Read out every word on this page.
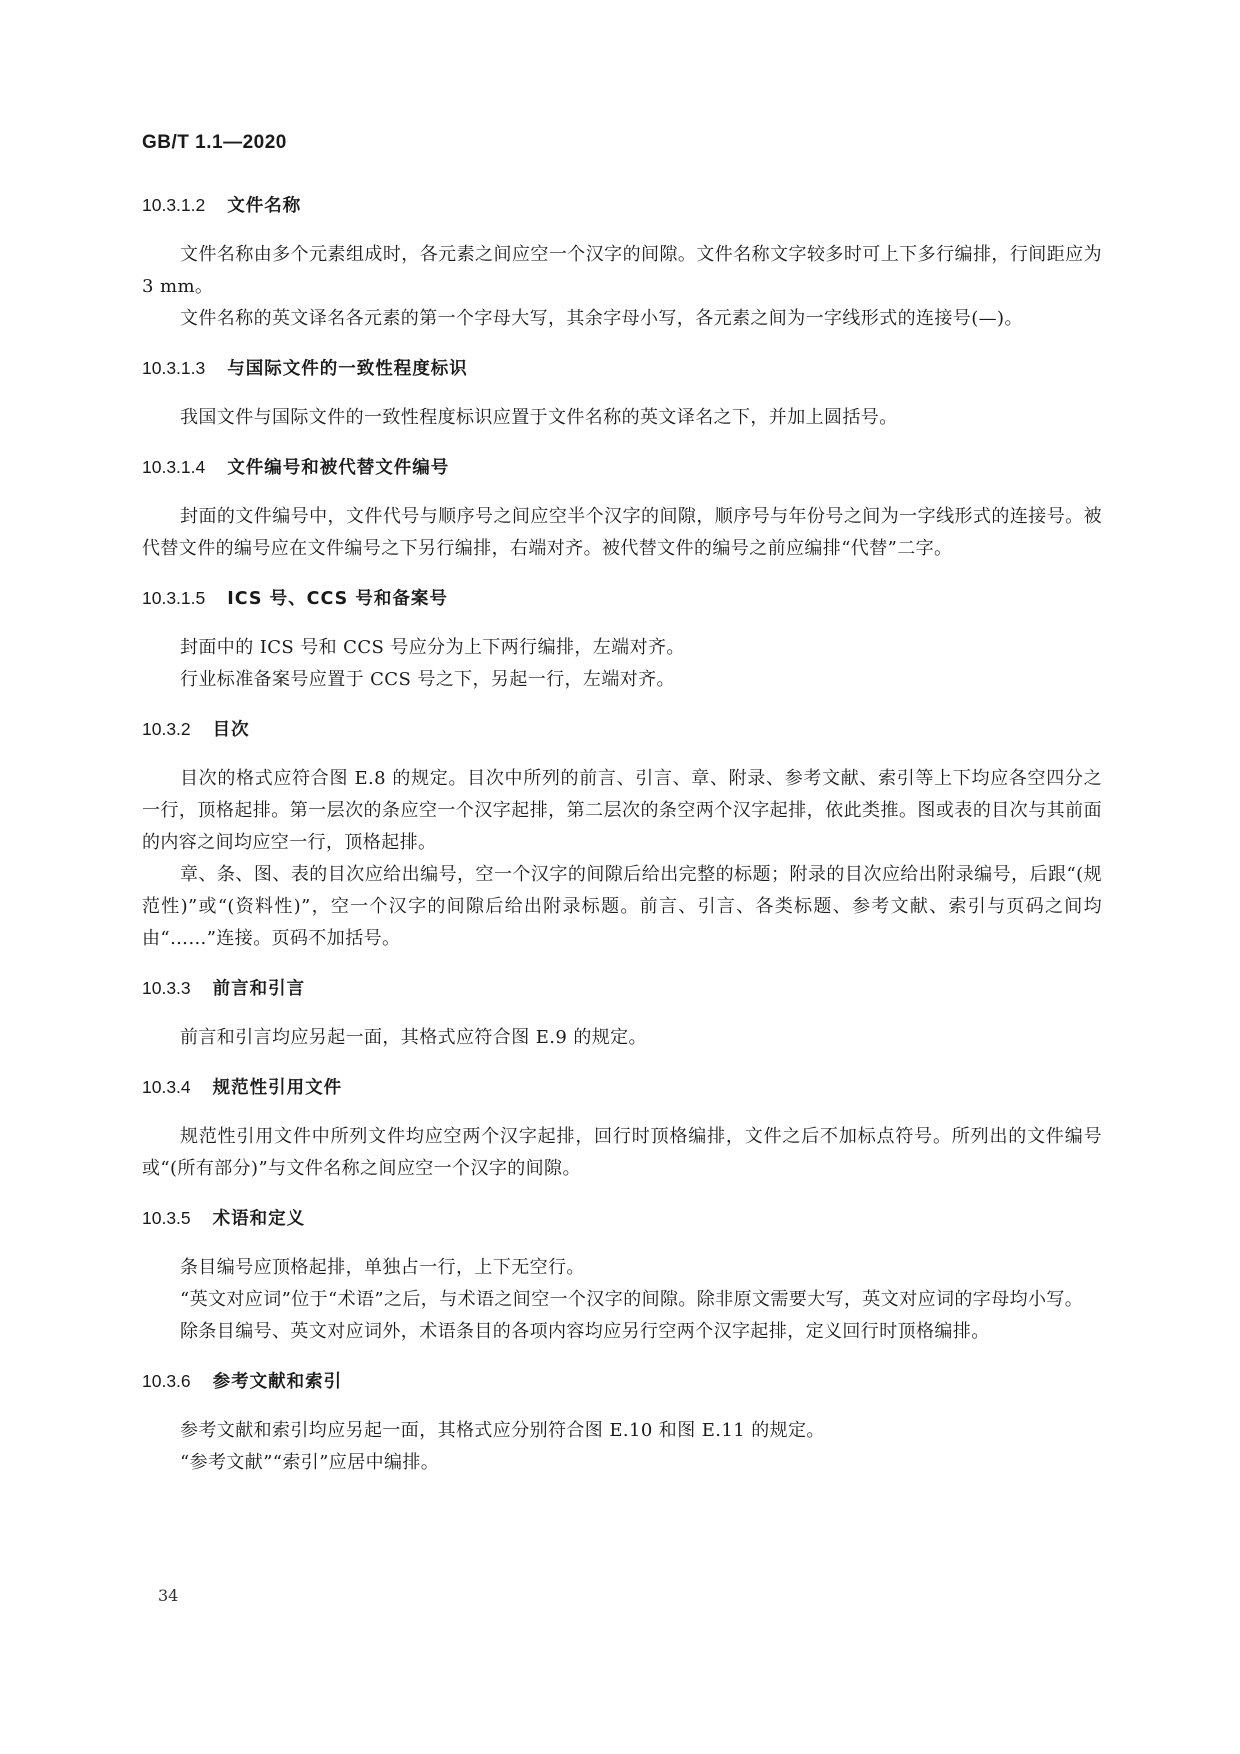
GB/T 1.1—2020
10.3.1.2 文件名称

文件名称由多个元素组成时，各元素之间应空一个汉字的间隙。文件名称文字较多时可上下多行编排，行间距应为 3 mm。

文件名称的英文译名各元素的第一个字母大写，其余字母小写，各元素之间为一字线形式的连接号(—)。

10.3.1.3 与国际文件的一致性程度标识

我国文件与国际文件的一致性程度标识应置于文件名称的英文译名之下，并加上圆括号。

10.3.1.4 文件编号和被代替文件编号

封面的文件编号中，文件代号与顺序号之间应空半个汉字的间隙，顺序号与年份号之间为一字线形式的连接号。被代替文件的编号应在文件编号之下另行编排，右端对齐。被代替文件的编号之前应编排“代替”二字。

10.3.1.5 ICS 号、CCS 号和备案号

封面中的 ICS 号和 CCS 号应分为上下两行编排，左端对齐。

行业标准备案号应置于 CCS 号之下，另起一行，左端对齐。

10.3.2 目次

目次的格式应符合图 E.8 的规定。目次中所列的前言、引言、章、附录、参考文献、索引等上下均应各空四分之一行，顶格起排。第一层次的条应空一个汉字起排，第二层次的条空两个汉字起排，依此类推。图或表的目次与其前面的内容之间均应空一行，顶格起排。

章、条、图、表的目次应给出编号，空一个汉字的间隙后给出完整的标题；附录的目次应给出附录编号，后跟“(规范性)”或“(资料性)”，空一个汉字的间隙后给出附录标题。前言、引言、各类标题、参考文献、索引与页码之间均由“……”连接。页码不加括号。

10.3.3 前言和引言

前言和引言均应另起一面，其格式应符合图 E.9 的规定。

10.3.4 规范性引用文件

规范性引用文件中所列文件均应空两个汉字起排，回行时顶格编排，文件之后不加标点符号。所列出的文件编号或“(所有部分)”与文件名称之间应空一个汉字的间隙。

10.3.5 术语和定义

条目编号应顶格起排，单独占一行，上下无空行。

“英文对应词”位于“术语”之后，与术语之间空一个汉字的间隙。除非原文需要大写，英文对应词的字母均小写。

除条目编号、英文对应词外，术语条目的各项内容均应另行空两个汉字起排，定义回行时顶格编排。

10.3.6 参考文献和索引

参考文献和索引均应另起一面，其格式应分别符合图 E.10 和图 E.11 的规定。

“参考文献”“索引”应居中编排。

34
